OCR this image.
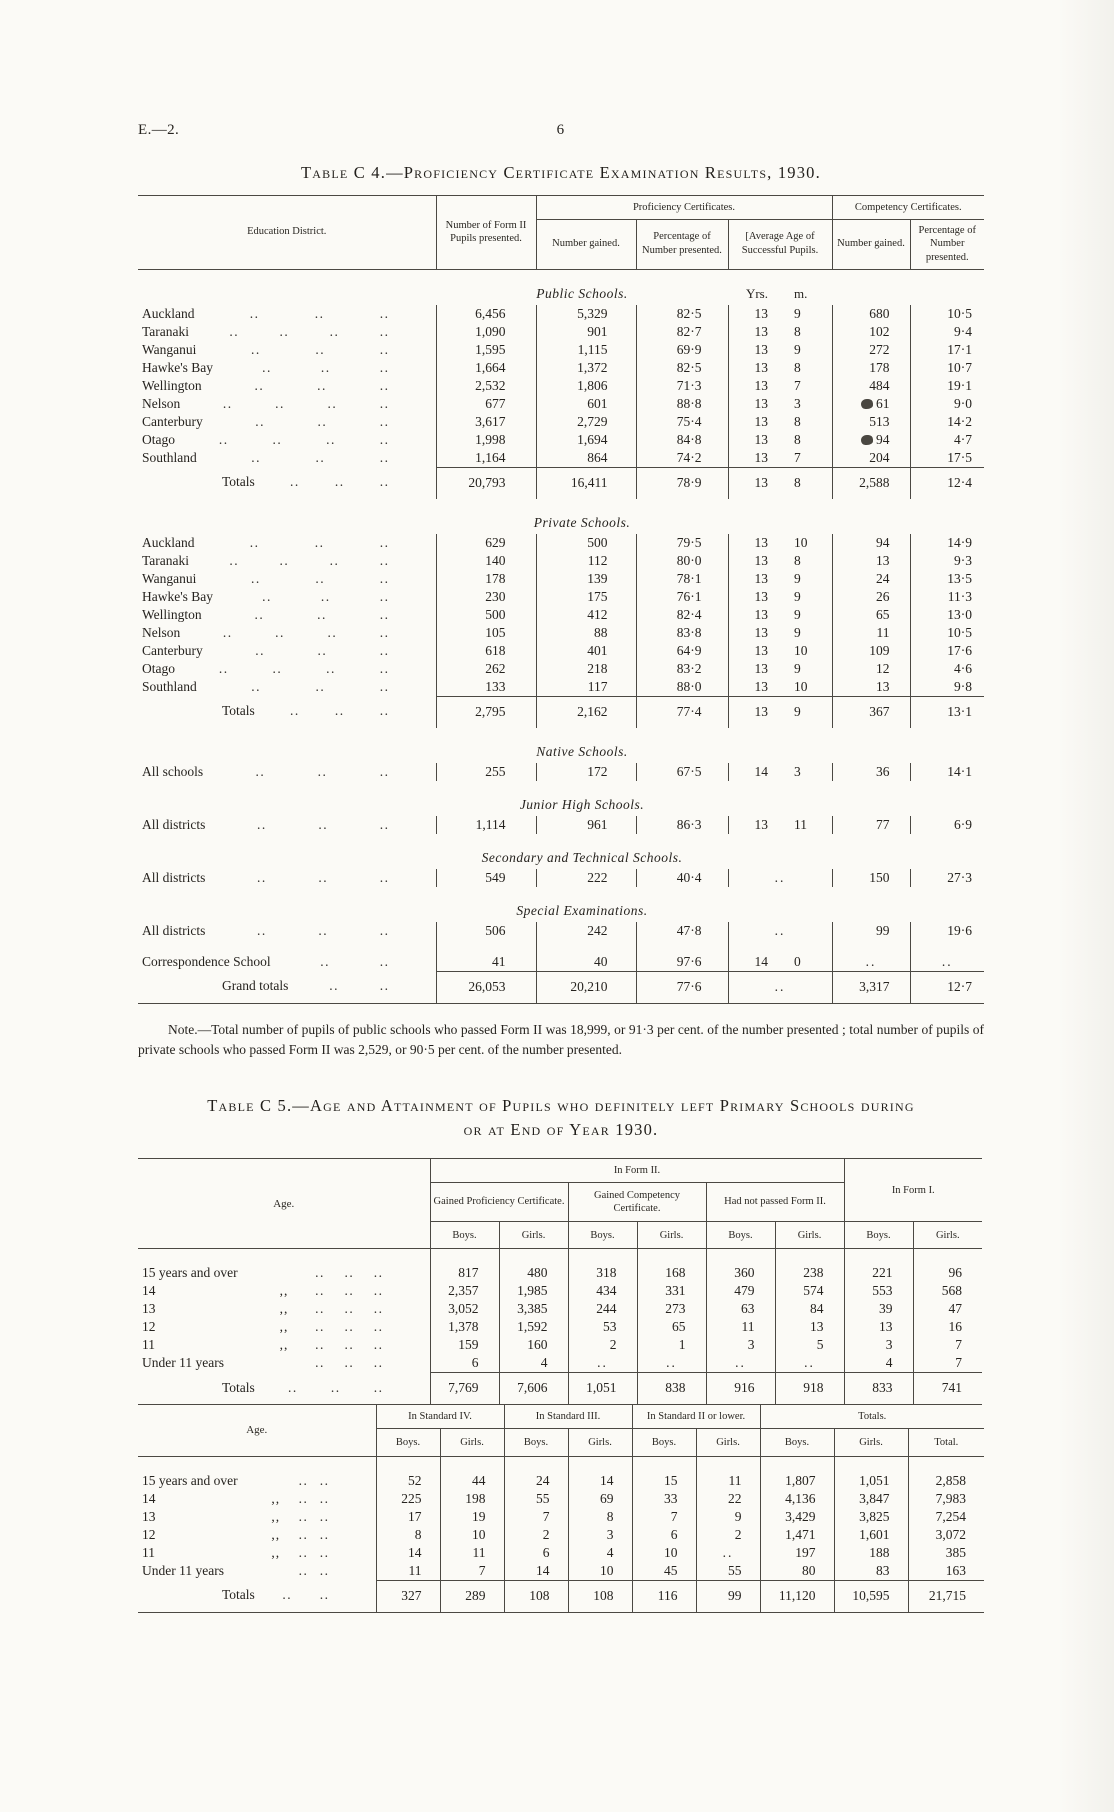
E.—2.	6
Table C 4.—Proficiency Certificate Examination Results, 1930.
Education District.	Number of Form II Pupils presented.	Proficiency Certificates.			Competency Certificates.	
		Number gained.	Percentage of Number presented.	[Average Age of Successful Pupils.	Number gained.	Percentage of Number presented.
	Public Schools.			Yrs. m.		

Auckland	..	..	..	6,456	5,329	82·5	13 9	680	10·5

Taranaki	..	..	..	..	1,090	901	82·7	13 8	102	9·4

Wanganui	..	..	..	1,595	1,115	69·9	13 9	272	17·1

Hawke's Bay	..	..	..	1,664	1,372	82·5	13 8	178	10·7

Wellington	..	..	..	2,532	1,806	71·3	13 7	484	19·1

Nelson	..	..	..	..	677	601	88·8	13 3	61	9·0

Canterbury	..	..	..	3,617	2,729	75·4	13 8	513	14·2

Otago	..	..	..	..	1,998	1,694	84·8	13 8	94	4·7

Southland	..	..	..	1,164	864	74·2	13 7	204	17·5

Totals	..	..	..	20,793	16,411	78·9	13 8	2,588	12·4
	Private Schools.					

Auckland	..	..	..	629	500	79·5	13 10	94	14·9

Taranaki	..	..	..	..	140	112	80·0	13 8	13	9·3

Wanganui	..	..	..	178	139	78·1	13 9	24	13·5

Hawke's Bay	..	..	..	230	175	76·1	13 9	26	11·3

Wellington	..	..	..	500	412	82·4	13 9	65	13·0

Nelson	..	..	..	..	105	88	83·8	13 9	11	10·5

Canterbury	..	..	..	618	401	64·9	13 10	109	17·6

Otago	..	..	..	..	262	218	83·2	13 9	12	4·6

Southland	..	..	..	133	117	88·0	13 10	13	9·8

Totals	..	..	..	2,795	2,162	77·4	13 9	367	13·1
	Native Schools.					

All schools	..	..	..	255	172	67·5	14 3	36	14·1
	Junior High Schools.					

All districts	..	..	..	1,114	961	86·3	13 11	77	6·9
	Secondary and Technical Schools.					

All districts	..	..	..	549	222	40·4	..	150	27·3
	Special Examinations.					

All districts	..	..	..	506	242	47·8	..	99	19·6

Correspondence School	..	..	41	40	97·6	14 0	..	..

Grand totals	..	..	26,053	20,210	77·6	..	3,317	12·7

Note.—Total number of pupils of public schools who passed Form II was 18,999, or 91·3 per cent. of the number presented ; total number of pupils of private schools who passed Form II was 2,529, or 90·5 per cent. of the number presented.

Table C 5.—Age and Attainment of Pupils who definitely left Primary Schools during
or at End of Year 1930.
Age.	In Form II.						In Form I.	
	Gained Proficiency Certificate.		Gained Competency Certificate.		Had not passed Form II.			
	Boys.	Girls.	Boys.	Girls.	Boys.	Girls.	Boys.	Girls.

15 years and over	.. .. ..	817	480	318	168	360	238	221	96

14	,,	.. .. ..	2,357	1,985	434	331	479	574	553	568

13	,,	.. .. ..	3,052	3,385	244	273	63	84	39	47

12	,,	.. .. ..	1,378	1,592	53	65	11	13	13	16

11	,,	.. .. ..	159	160	2	1	3	5	3	7

Under 11 years	.. .. ..	6	4	..	..	..	..	4	7

Totals .. .. ..	7,769	7,606	1,051	838	916	918	833	741
Age.	In Standard IV.		In Standard III.		In Standard II or lower.		Totals.		
	Boys.	Girls.	Boys.	Girls.	Boys.	Girls.	Boys.	Girls.	Total.

15 years and over	.. ..	52	44	24	14	15	11	1,807	1,051	2,858

14	,,	.. ..	225	198	55	69	33	22	4,136	3,847	7,983

13	,,	.. ..	17	19	7	8	7	9	3,429	3,825	7,254

12	,,	.. ..	8	10	2	3	6	2	1,471	1,601	3,072

11	,,	.. ..	14	11	6	4	10	..	197	188	385

Under 11 years	.. ..	11	7	14	10	45	55	80	83	163

Totals .. ..	327	289	108	108	116	99	11,120	10,595	21,715
